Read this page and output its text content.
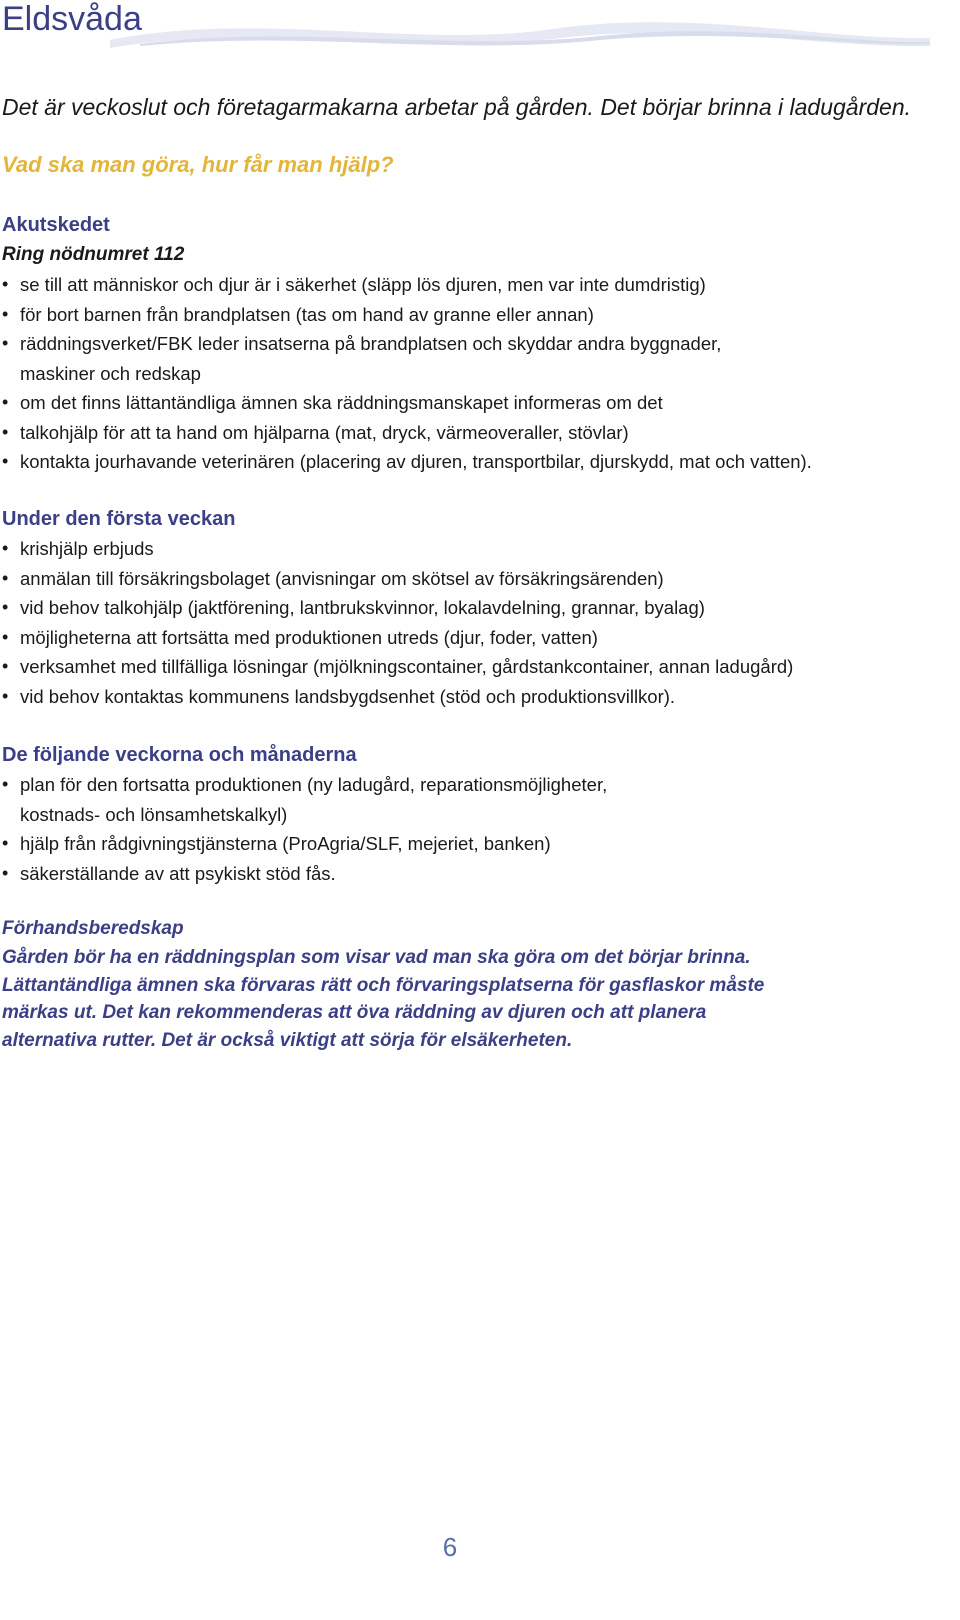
Eldsvåda

Det är veckoslut och företagarmakarna arbetar på gården. Det börjar brinna i ladugården.

Vad ska man göra, hur får man hjälp?

Akutskedet
Ring nödnumret 112
• se till att människor och djur är i säkerhet (släpp lös djuren, men var inte dumdristig)
• för bort barnen från brandplatsen (tas om hand av granne eller annan)
• räddningsverket/FBK leder insatserna på brandplatsen och skyddar andra byggnader,
maskiner och redskap
• om det finns lättantändliga ämnen ska räddningsmanskapet informeras om det
• talkohjälp för att ta hand om hjälparna (mat, dryck, värmeoveraller, stövlar)
• kontakta jourhavande veterinären (placering av djuren, transportbilar, djurskydd, mat och vatten).
Under den första veckan
• krishjälp erbjuds
• anmälan till försäkringsbolaget (anvisningar om skötsel av försäkringsärenden)
• vid behov talkohjälp (jaktförening, lantbrukskvinnor, lokalavdelning, grannar, byalag)
• möjligheterna att fortsätta med produktionen utreds (djur, foder, vatten)
• verksamhet med tillfälliga lösningar (mjölkningscontainer, gårdstankcontainer, annan ladugård)
• vid behov kontaktas kommunens landsbygdsenhet (stöd och produktionsvillkor).
De följande veckorna och månaderna
• plan för den fortsatta produktionen (ny ladugård, reparationsmöjligheter,
kostnads- och lönsamhetskalkyl)
• hjälp från rådgivningstjänsterna (ProAgria/SLF, mejeriet, banken)
• säkerställande av att psykiskt stöd fås.
Förhandsberedskap
Gården bör ha en räddningsplan som visar vad man ska göra om det börjar brinna.
Lättantändliga ämnen ska förvaras rätt och förvaringsplatserna för gasflaskor måste
märkas ut. Det kan rekommenderas att öva räddning av djuren och att planera
alternativa rutter. Det är också viktigt att sörja för elsäkerheten.
6
